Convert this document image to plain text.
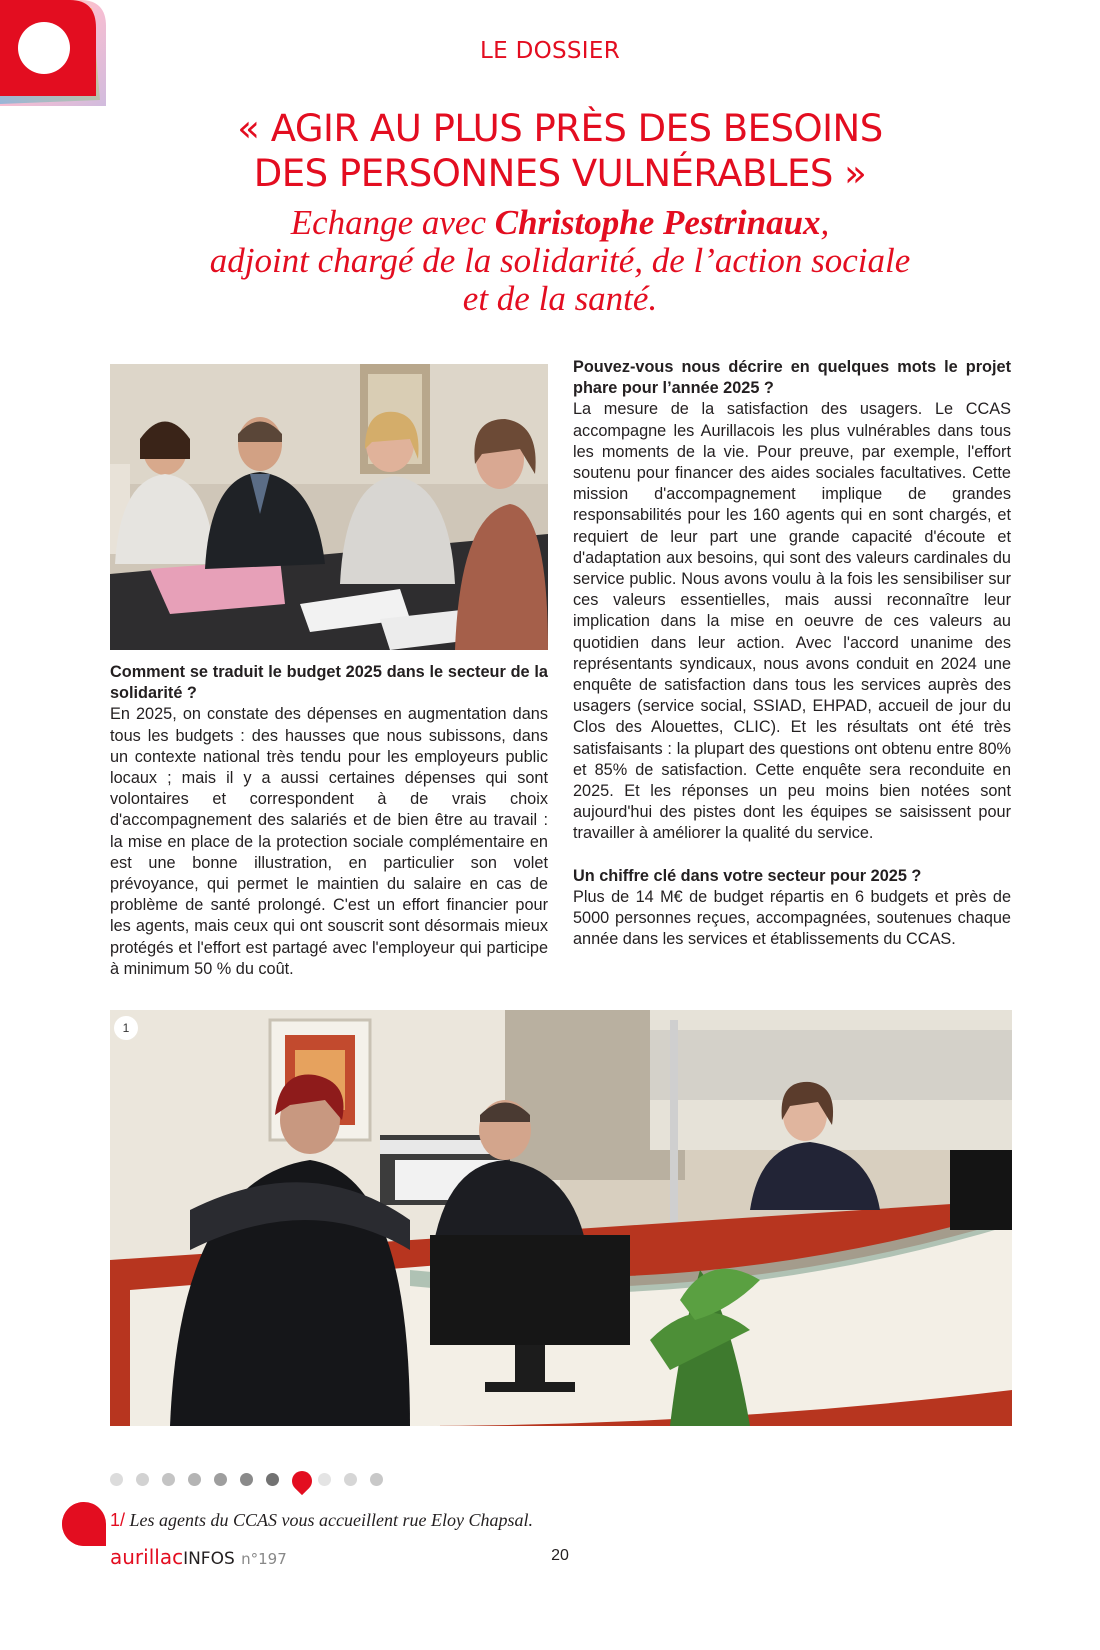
LE DOSSIER
« AGIR AU PLUS PRÈS DES BESOINS
DES PERSONNES VULNÉRABLES »
Echange avec Christophe Pestrinaux,
adjoint chargé de la solidarité, de l’action sociale
et de la santé.

Comment se traduit le budget 2025 dans le secteur de la solidarité ?

En 2025, on constate des dépenses en augmentation dans tous les budgets : des hausses que nous subissons, dans un contexte national très tendu pour les employeurs public locaux ; mais il y a aussi certaines dépenses qui sont volontaires et correspondent à de vrais choix d'accompagnement des salariés et de bien être au travail : la mise en place de la protection sociale complémentaire en est une bonne illustration, en particulier son volet prévoyance, qui permet le maintien du salaire en cas de problème de santé prolongé. C'est un effort financier pour les agents, mais ceux qui ont souscrit sont désormais mieux protégés et l'effort est partagé avec l'employeur qui participe à minimum 50 % du coût.

Pouvez-vous nous décrire en quelques mots le projet phare pour l’année 2025 ?

La mesure de la satisfaction des usagers. Le CCAS accompagne les Aurillacois les plus vulnérables dans tous les moments de la vie. Pour preuve, par exemple, l'effort soutenu pour financer des aides sociales facultatives. Cette mission d'accompagnement implique de grandes responsabilités pour les 160 agents qui en sont chargés, et requiert de leur part une grande capacité d'écoute et d'adaptation aux besoins, qui sont des valeurs cardinales du service public. Nous avons voulu à la fois les sensibiliser sur ces valeurs essentielles, mais aussi reconnaître leur implication dans la mise en oeuvre de ces valeurs au quotidien dans leur action. Avec l'accord unanime des représentants syndicaux, nous avons conduit en 2024 une enquête de satisfaction dans tous les services auprès des usagers (service social, SSIAD, EHPAD, accueil de jour du Clos des Alouettes, CLIC). Et les résultats ont été très satisfaisants : la plupart des questions ont obtenu entre 80% et 85% de satisfaction. Cette enquête sera reconduite en 2025. Et les réponses un peu moins bien notées sont aujourd'hui des pistes dont les équipes se saisissent pour travailler à améliorer la qualité du service.

Un chiffre clé dans votre secteur pour 2025 ?

Plus de 14 M€ de budget répartis en 6 budgets et près de 5000 personnes reçues, accompagnées, soutenues chaque année dans les services et établissements du CCAS.

1
1/ Les agents du CCAS vous accueillent rue Eloy Chapsal.
aurillacINFOS n°197	20
